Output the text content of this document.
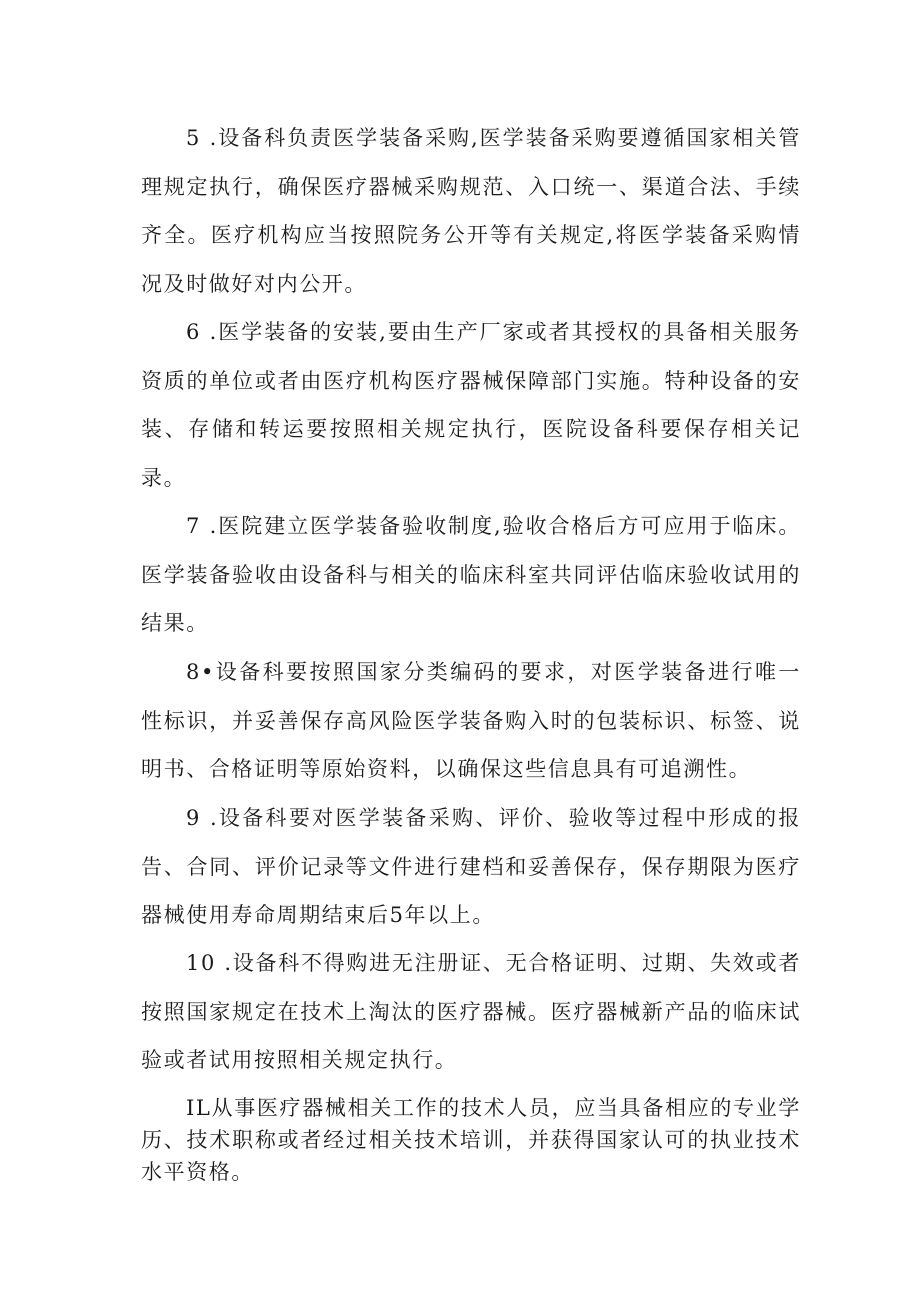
5 .设备科负责医学装备采购,医学装备采购要遵循国家相关管理规定执行，确保医疗器械采购规范、入口统一、渠道合法、手续齐全。医疗机构应当按照院务公开等有关规定,将医学装备采购情况及时做好对内公开。

6 .医学装备的安装,要由生产厂家或者其授权的具备相关服务资质的单位或者由医疗机构医疗器械保障部门实施。特种设备的安装、存储和转运要按照相关规定执行，医院设备科要保存相关记录。

7 .医院建立医学装备验收制度,验收合格后方可应用于临床。医学装备验收由设备科与相关的临床科室共同评估临床验收试用的结果。

8•设备科要按照国家分类编码的要求，对医学装备进行唯一性标识，并妥善保存高风险医学装备购入时的包装标识、标签、说明书、合格证明等原始资料，以确保这些信息具有可追溯性。

9 .设备科要对医学装备采购、评价、验收等过程中形成的报告、合同、评价记录等文件进行建档和妥善保存，保存期限为医疗器械使用寿命周期结束后5年以上。

10 .设备科不得购进无注册证、无合格证明、过期、失效或者按照国家规定在技术上淘汰的医疗器械。医疗器械新产品的临床试验或者试用按照相关规定执行。

IL从事医疗器械相关工作的技术人员，应当具备相应的专业学历、技术职称或者经过相关技术培训，并获得国家认可的执业技术水平资格。
